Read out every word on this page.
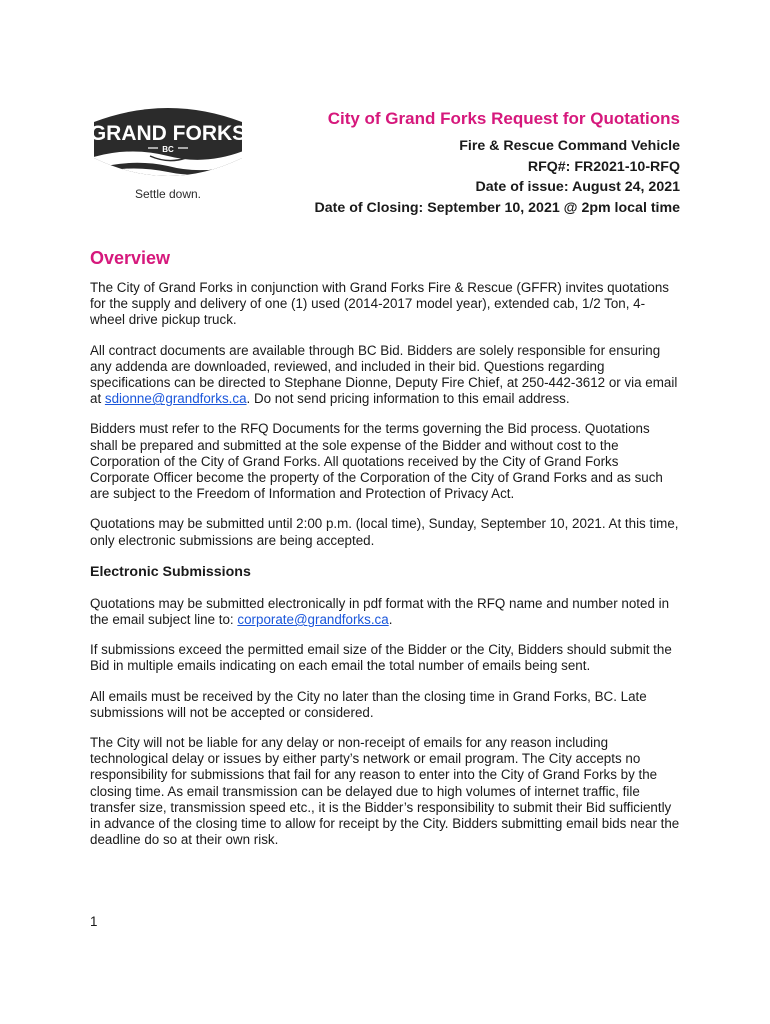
GRAND FORKS
BC
Settle down.
City of Grand Forks Request for Quotations
Fire & Rescue Command Vehicle
RFQ#: FR2021-10-RFQ
Date of issue: August 24, 2021
Date of Closing: September 10, 2021 @ 2pm local time
Overview

The City of Grand Forks in conjunction with Grand Forks Fire & Rescue (GFFR) invites quotations for the supply and delivery of one (1) used (2014-2017 model year), extended cab, 1/2 Ton, 4-wheel drive pickup truck.

All contract documents are available through BC Bid. Bidders are solely responsible for ensuring any addenda are downloaded, reviewed, and included in their bid. Questions regarding specifications can be directed to Stephane Dionne, Deputy Fire Chief, at 250-442-3612 or via email at sdionne@grandforks.ca. Do not send pricing information to this email address.

Bidders must refer to the RFQ Documents for the terms governing the Bid process. Quotations shall be prepared and submitted at the sole expense of the Bidder and without cost to the Corporation of the City of Grand Forks. All quotations received by the City of Grand Forks Corporate Officer become the property of the Corporation of the City of Grand Forks and as such are subject to the Freedom of Information and Protection of Privacy Act.

Quotations may be submitted until 2:00 p.m. (local time), Sunday, September 10, 2021. At this time, only electronic submissions are being accepted.

Electronic Submissions

Quotations may be submitted electronically in pdf format with the RFQ name and number noted in the email subject line to: corporate@grandforks.ca.

If submissions exceed the permitted email size of the Bidder or the City, Bidders should submit the Bid in multiple emails indicating on each email the total number of emails being sent.

All emails must be received by the City no later than the closing time in Grand Forks, BC. Late submissions will not be accepted or considered.

The City will not be liable for any delay or non-receipt of emails for any reason including technological delay or issues by either party’s network or email program. The City accepts no responsibility for submissions that fail for any reason to enter into the City of Grand Forks by the closing time. As email transmission can be delayed due to high volumes of internet traffic, file transfer size, transmission speed etc., it is the Bidder’s responsibility to submit their Bid sufficiently in advance of the closing time to allow for receipt by the City. Bidders submitting email bids near the deadline do so at their own risk.

1
